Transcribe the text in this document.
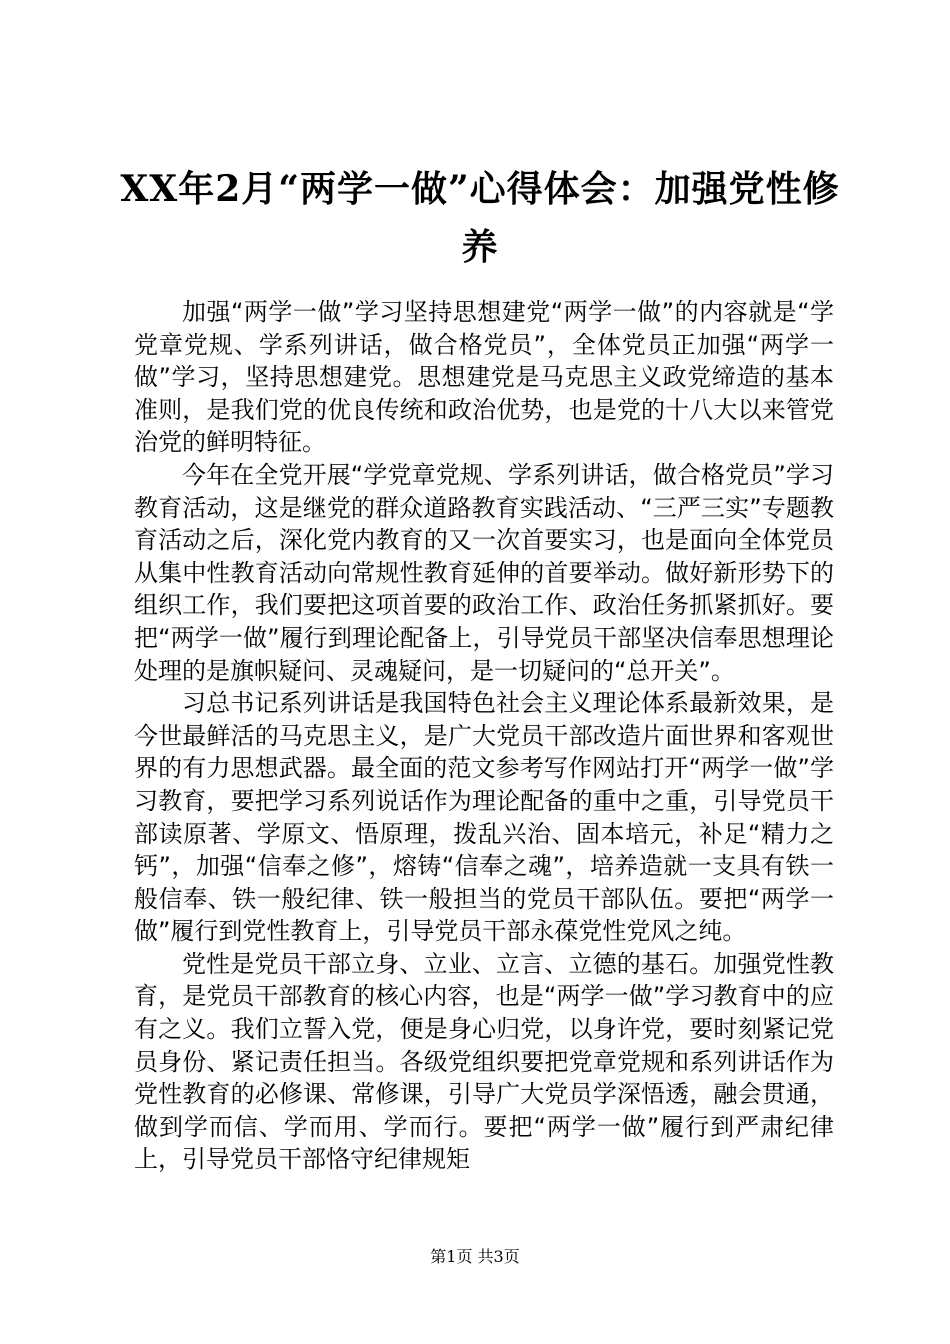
XX年2月“两学一做”心得体会：加强党性修养

加强“两学一做”学习坚持思想建党“两学一做”的内容就是“学党章党规、学系列讲话，做合格党员”，全体党员正加强“两学一做”学习，坚持思想建党。思想建党是马克思主义政党缔造的基本准则，是我们党的优良传统和政治优势，也是党的十八大以来管党治党的鲜明特征。

今年在全党开展“学党章党规、学系列讲话，做合格党员”学习教育活动，这是继党的群众道路教育实践活动、“三严三实”专题教育活动之后，深化党内教育的又一次首要实习，也是面向全体党员从集中性教育活动向常规性教育延伸的首要举动。做好新形势下的组织工作，我们要把这项首要的政治工作、政治任务抓紧抓好。要把“两学一做”履行到理论配备上，引导党员干部坚决信奉思想理论处理的是旗帜疑问、灵魂疑问，是一切疑问的“总开关”。

习总书记系列讲话是我国特色社会主义理论体系最新效果，是今世最鲜活的马克思主义，是广大党员干部改造片面世界和客观世界的有力思想武器。最全面的范文参考写作网站打开“两学一做”学习教育，要把学习系列说话作为理论配备的重中之重，引导党员干部读原著、学原文、悟原理，拨乱兴治、固本培元，补足“精力之钙”，加强“信奉之修”，熔铸“信奉之魂”，培养造就一支具有铁一般信奉、铁一般纪律、铁一般担当的党员干部队伍。要把“两学一做”履行到党性教育上，引导党员干部永葆党性党风之纯。

党性是党员干部立身、立业、立言、立德的基石。加强党性教育，是党员干部教育的核心内容，也是“两学一做”学习教育中的应有之义。我们立誓入党，便是身心归党，以身许党，要时刻紧记党员身份、紧记责任担当。各级党组织要把党章党规和系列讲话作为党性教育的必修课、常修课，引导广大党员学深悟透，融会贯通，做到学而信、学而用、学而行。要把“两学一做”履行到严肃纪律上，引导党员干部恪守纪律规矩

第1页 共3页
